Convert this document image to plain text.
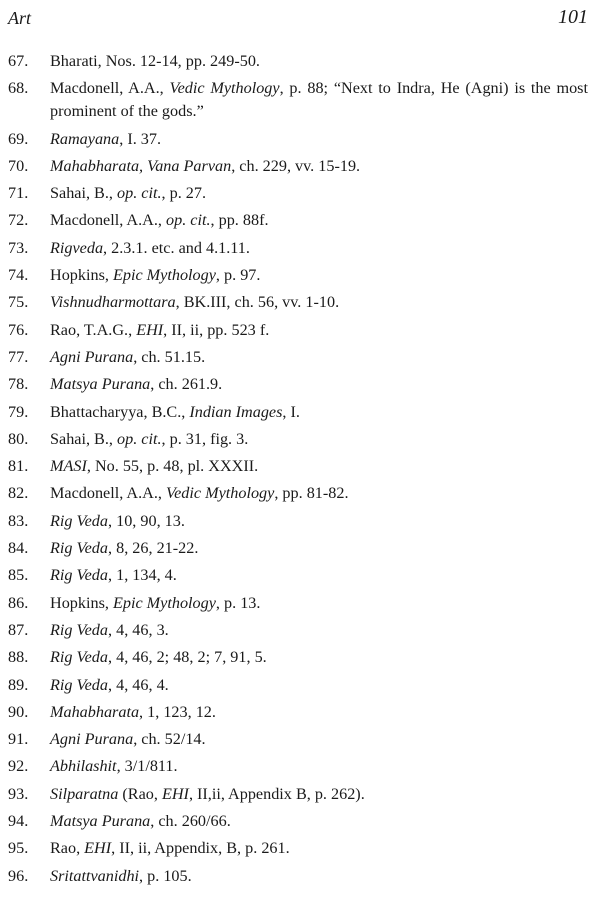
Art	101
67. Bharati, Nos. 12-14, pp. 249-50.
68. Macdonell, A.A., Vedic Mythology, p. 88; “Next to Indra, He (Agni) is the most prominent of the gods.”
69. Ramayana, I. 37.
70. Mahabharata, Vana Parvan, ch. 229, vv. 15-19.
71. Sahai, B., op. cit., p. 27.
72. Macdonell, A.A., op. cit., pp. 88f.
73. Rigveda, 2.3.1. etc. and 4.1.11.
74. Hopkins, Epic Mythology, p. 97.
75. Vishnudharmottara, BK.III, ch. 56, vv. 1-10.
76. Rao, T.A.G., EHI, II, ii, pp. 523 f.
77. Agni Purana, ch. 51.15.
78. Matsya Purana, ch. 261.9.
79. Bhattacharyya, B.C., Indian Images, I.
80. Sahai, B., op. cit., p. 31, fig. 3.
81. MASI, No. 55, p. 48, pl. XXXII.
82. Macdonell, A.A., Vedic Mythology, pp. 81-82.
83. Rig Veda, 10, 90, 13.
84. Rig Veda, 8, 26, 21-22.
85. Rig Veda, 1, 134, 4.
86. Hopkins, Epic Mythology, p. 13.
87. Rig Veda, 4, 46, 3.
88. Rig Veda, 4, 46, 2; 48, 2; 7, 91, 5.
89. Rig Veda, 4, 46, 4.
90. Mahabharata, 1, 123, 12.
91. Agni Purana, ch. 52/14.
92. Abhilashit, 3/1/811.
93. Silparatna (Rao, EHI, II,ii, Appendix B, p. 262).
94. Matsya Purana, ch. 260/66.
95. Rao, EHI, II, ii, Appendix, B, p. 261.
96. Sritattvanidhi, p. 105.
